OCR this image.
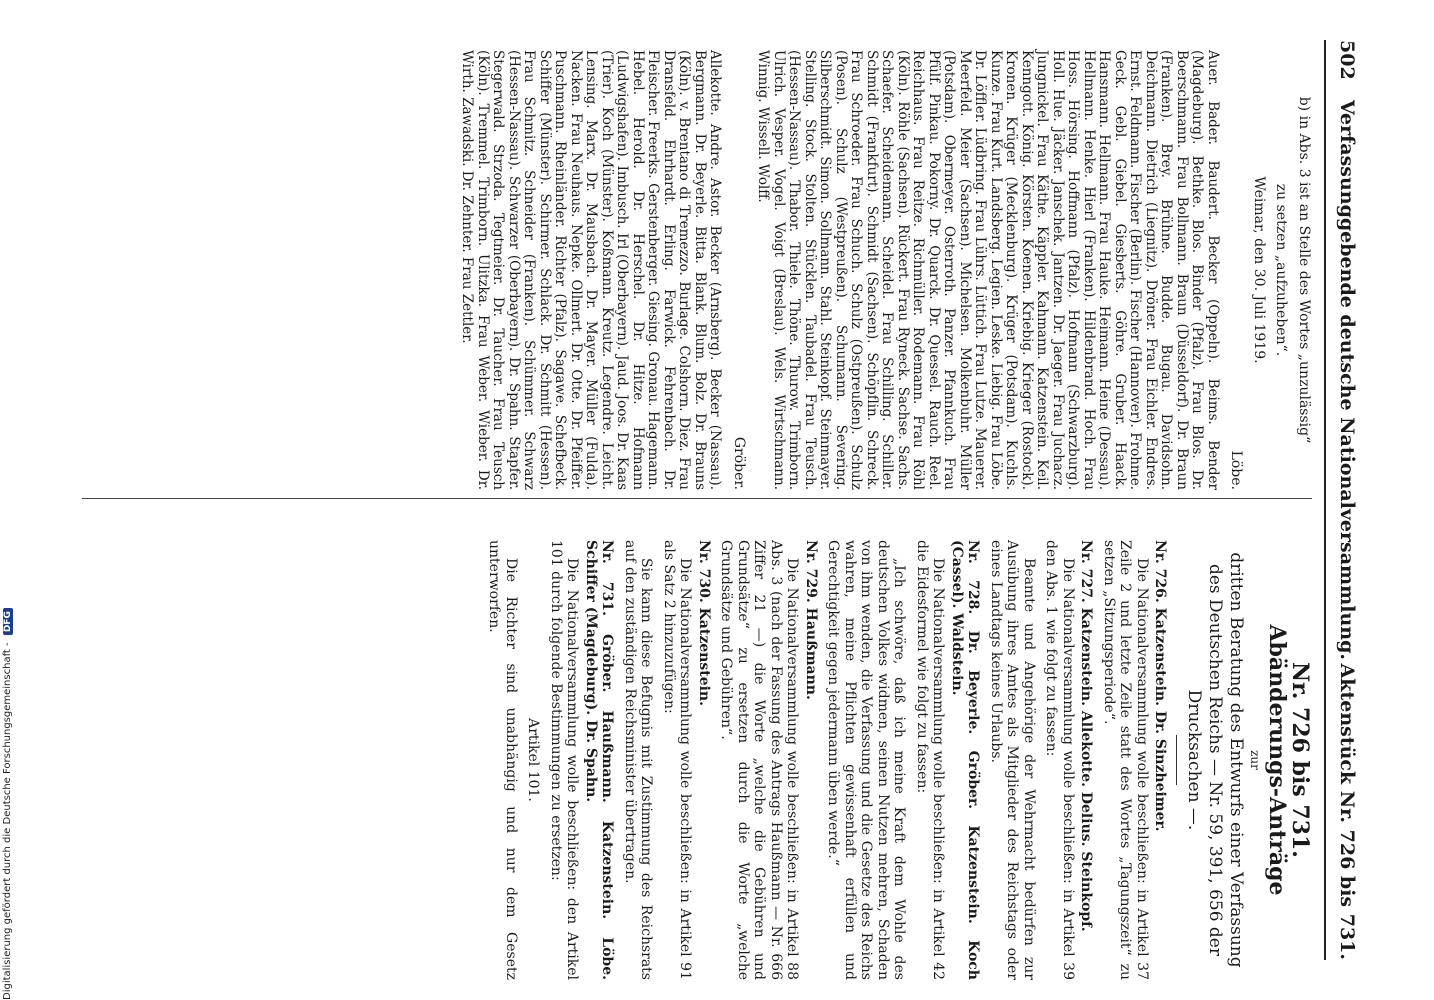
502
Verfassunggebende deutsche Nationalversammlung.
Aktenstück Nr. 726 bis 731.

b) in Abs. 3 ist an Stelle des Wortes „unzulässig“

zu setzen „aufzuheben“.

Weimar, den 30. Juli 1919.

Löbe.

Auer. Bader. Baudert. Becker (Oppeln). Beims. Bender (Magdeburg). Bethke. Blos. Binder (Pfalz). Frau Blos. Dr. Boerschmann. Frau Bollmann. Braun (Düsseldorf). Dr. Braun (Franken). Brey. Brühne. Budde. Bugau. Davidsohn. Deichmann. Dietrich (Liegnitz). Dröner. Frau Eichler. Endres. Ernst. Feldmann. Fischer (Berlin). Fischer (Hannover). Frohme. Geck. Gebl. Giebel. Giesberts. Göhre. Gruber. Haack. Hansmann. Hellmann. Frau Hauke. Heimann. Heine (Dessau). Hellmann. Henke. Hierl (Franken). Hildenbrand. Hoch. Frau Hoss. Hörsing. Hoffmann (Pfalz). Hofmann (Schwarzburg). Holl. Hue. Jäcker. Janschek. Jantzen. Dr. Jaeger. Frau Juchacz. Jungnickel. Frau Käthe. Käppler. Kahmann. Katzenstein. Keil. Kenngott. König. Körsten. Koenen. Kriebig. Krieger (Rostock). Kronen. Krüger (Mecklenburg). Krüger (Potsdam). Kuchls. Kunze. Frau Kurt. Landsberg. Legien. Leske. Liebig. Frau Löbe. Dr. Löffler. Lüdbring. Frau Lührs. Lüttich. Frau Lutze. Mauerer. Meerfeld. Meier (Sachsen). Michelsen. Molkenbuhr. Müller (Potsdam). Obermeyer. Osterroth. Panzer. Pfannkuch. Frau Pfülf. Pinkau. Pokorny. Dr. Quarck. Dr. Quessel. Rauch. Reel. Reichhaus. Frau Reitze. Richmüller. Rodemann. Frau Röhl (Köln). Röhle (Sachsen). Rückert. Frau Ryneck. Sachse. Sachs. Schaefer. Scheidemann. Scheidel. Frau Schilling. Schiller. Schmidt (Frankfurt). Schmidt (Sachsen). Schöpflin. Schreck. Frau Schroeder. Frau Schuch. Schulz (Ostpreußen). Schulz (Posen). Schulz (Westpreußen). Schumann. Severing. Silberschmidt. Simon. Sollmann. Stahl. Steinkopf. Steinmayer. Stelling. Stock. Stolten. Stücklen. Taubadel. Frau Teusch. (Hessen-Nassau). Thabor. Thiele. Thöne. Thurow. Trimborn. Ulrich. Vesper. Vogel. Voigt (Breslau). Wels. Wirtschmann. Winnig. Wissell. Wolff.

Gröber.

Allekotte. Andre. Astor. Becker (Arnsberg). Becker (Nassau). Bergmann. Dr. Beyerle. Bitta. Blank. Blum. Bolz. Dr. Brauns (Köln). v. Brentano di Tremezzo. Burlage. Colshorn. Diez. Frau Dransfeld. Ehrhardt. Erling. Farwick. Fehrenbach. Dr. Fleischer. Freerks. Gerstenberger. Giesing. Gronau. Hagemann. Hebel. Herold. Dr. Herschel. Dr. Hitze. Hofmann (Ludwigshafen). Imbusch. Irl (Oberbayern). Jaud. Joos. Dr. Kaas (Trier). Koch (Münster). Koßmann. Kreutz. Legendre. Leicht. Lensing. Marx. Dr. Mausbach. Dr. Mayer. Müller (Fulda). Nacken. Frau Neuhaus. Nepke. Ollmert. Dr. Otte. Dr. Pfeiffer. Puschmann. Rheinländer. Richter (Pfalz). Sagawe. Schefbeck. Schiffer (Münster). Schirmer. Schlack. Dr. Schmitt (Hessen). Frau Schmitz. Schneider (Franken). Schümmer. Schwarz (Hessen-Nassau). Schwarzer (Oberbayern). Dr. Spahn. Stapfer. Stegerwald. Strzoda. Tegtmeier. Dr. Taucher. Frau Teusch (Köln). Tremmel. Trimborn. Ulitzka. Frau Weber. Wieber. Dr. Wirth. Zawadski. Dr. Zehnter. Frau Zettler.

Nr. 726 bis 731.

Abänderungs-Anträge

zur

dritten Beratung des Entwurfs einer Verfassung des Deutschen Reichs — Nr. 59, 391, 656 der Drucksachen —.

Nr. 726. Katzenstein. Dr. Sinzheimer.

Die Nationalversammlung wolle beschließen: in Artikel 37 Zeile 2 und letzte Zeile statt des Wortes „Tagungszeit“ zu setzen „Sitzungsperiode“.

Nr. 727. Katzenstein. Allekotte. Delius. Steinkopf.

Die Nationalversammlung wolle beschließen: in Artikel 39 den Abs. 1 wie folgt zu fassen:

Beamte und Angehörige der Wehrmacht bedürfen zur Ausübung ihres Amtes als Mitglieder des Reichstags oder eines Landtags keines Urlaubs.

Nr. 728. Dr. Beyerle. Gröber. Katzenstein. Koch (Cassel). Waldstein.

Die Nationalversammlung wolle beschließen: in Artikel 42 die Eidesformel wie folgt zu fassen:

„Ich schwöre, daß ich meine Kraft dem Wohle des deutschen Volkes widmen, seinen Nutzen mehren, Schaden von ihm wenden, die Verfassung und die Gesetze des Reichs wahren, meine Pflichten gewissenhaft erfüllen und Gerechtigkeit gegen jedermann üben werde.“

Nr. 729. Haußmann.

Die Nationalversammlung wolle beschließen: in Artikel 88 Abs. 3 (nach der Fassung des Antrags Haußmann — Nr. 666 Ziffer 21 —) die Worte „welche die Gebühren und Grundsätze“ zu ersetzen durch die Worte „welche Grundsätze und Gebühren“.

Nr. 730. Katzenstein.

Die Nationalversammlung wolle beschließen: in Artikel 91 als Satz 2 hinzuzufügen:

Sie kann diese Befugnis mit Zustimmung des Reichsrats auf den zuständigen Reichsminister übertragen.

Nr. 731. Gröber. Haußmann. Katzenstein. Löbe. Schiffer (Magdeburg). Dr. Spahn.

Die Nationalversammlung wolle beschließen: den Artikel 101 durch folgende Bestimmungen zu ersetzen:

Artikel 101.

Die Richter sind unabhängig und nur dem Gesetz unterworfen.

Digitalisierung gefördert durch die Deutsche Forschungsgemeinschaft - DFG
